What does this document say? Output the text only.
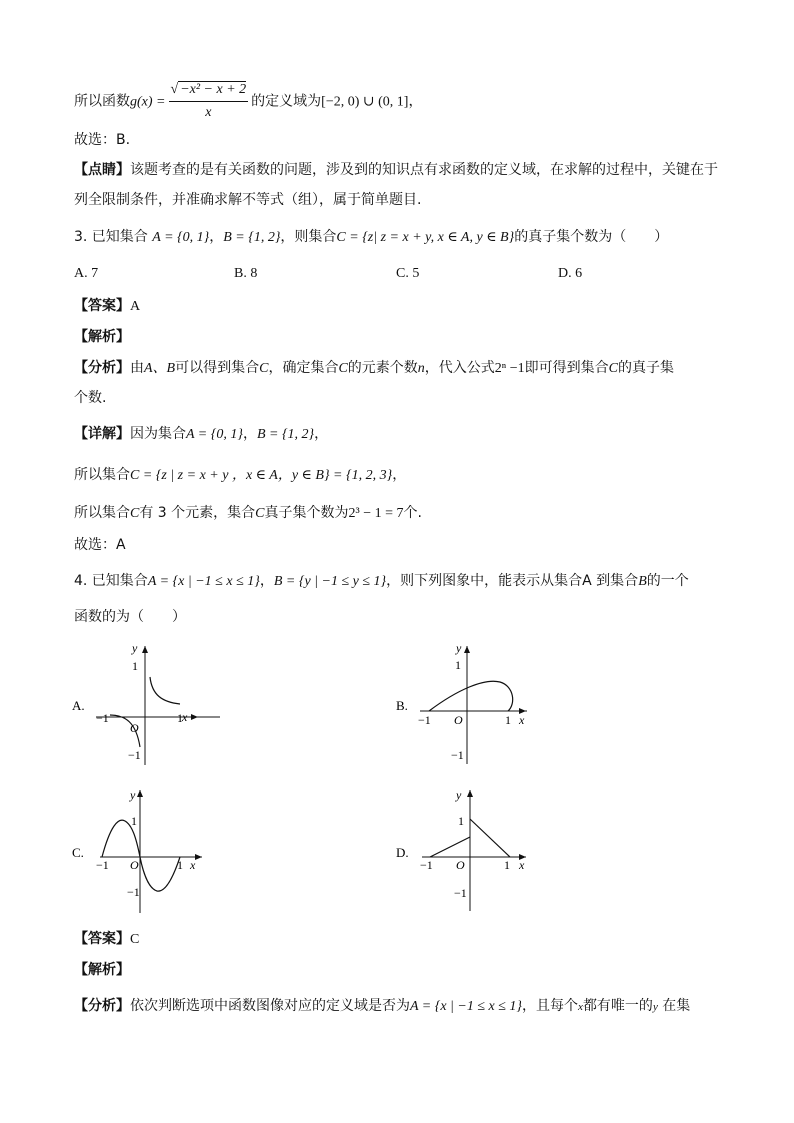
所以函数$g(x) = \frac{\text{√ −x² − x + 2}}{x}$ 的定义域为[−2, 0) ∪ (0, 1]，
故选：B.
【点睛】该题考查的是有关函数的问题，涉及到的知识点有求函数的定义域，在求解的过程中，关键在于
列全限制条件，并准确求解不等式（组），属于简单题目.
3. 已知集合 A = {0, 1}，B = {1, 2}，则集合C = {z| z = x + y, x ∈ A, y ∈ B}的真子集个数为（　　）
A. 7	B. 8	C. 5	D. 6
【答案】A
【解析】
【分析】由A、B可以得到集合C，确定集合C的元素个数n，代入公式2ⁿ −1即可得到集合C的真子集
个数.
【详解】因为集合A = {0, 1}，B = {1, 2}，
所以集合C = {z | z = x + y ，x ∈ A，y ∈ B} = {1, 2, 3}，
所以集合C有 3 个元素，集合C真子集个数为2³ − 1 = 7个.
故选：A
4. 已知集合A = {x | −1 ≤ x ≤ 1}，B = {y | −1 ≤ y ≤ 1}，则下列图象中，能表示从集合A 到集合B的一个
函数的为（　　）
A.
y
x
1
−1
O
−1	1
B.
y
x
1
−1
O
−1	1
C.
y
x
1
−1
O
−1	1
D.
y
x
1
−1
O
−1	1
【答案】C
【解析】
【分析】依次判断选项中函数图像对应的定义域是否为A = {x | −1 ≤ x ≤ 1}，且每个x都有唯一的y 在集
